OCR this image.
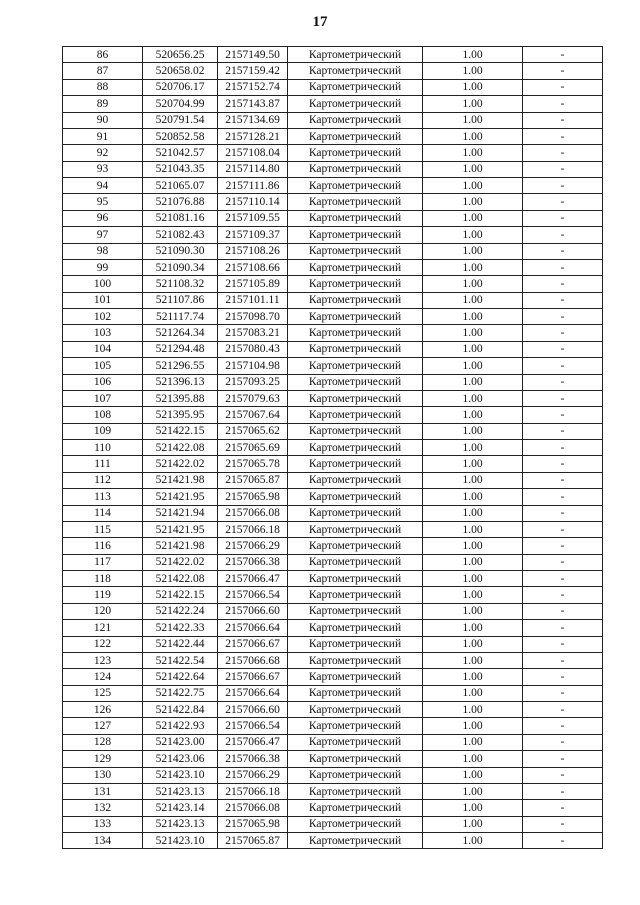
17
86	520656.25	2157149.50	Картометрический	1.00	-
87	520658.02	2157159.42	Картометрический	1.00	-
88	520706.17	2157152.74	Картометрический	1.00	-
89	520704.99	2157143.87	Картометрический	1.00	-
90	520791.54	2157134.69	Картометрический	1.00	-
91	520852.58	2157128.21	Картометрический	1.00	-
92	521042.57	2157108.04	Картометрический	1.00	-
93	521043.35	2157114.80	Картометрический	1.00	-
94	521065.07	2157111.86	Картометрический	1.00	-
95	521076.88	2157110.14	Картометрический	1.00	-
96	521081.16	2157109.55	Картометрический	1.00	-
97	521082.43	2157109.37	Картометрический	1.00	-
98	521090.30	2157108.26	Картометрический	1.00	-
99	521090.34	2157108.66	Картометрический	1.00	-
100	521108.32	2157105.89	Картометрический	1.00	-
101	521107.86	2157101.11	Картометрический	1.00	-
102	521117.74	2157098.70	Картометрический	1.00	-
103	521264.34	2157083.21	Картометрический	1.00	-
104	521294.48	2157080.43	Картометрический	1.00	-
105	521296.55	2157104.98	Картометрический	1.00	-
106	521396.13	2157093.25	Картометрический	1.00	-
107	521395.88	2157079.63	Картометрический	1.00	-
108	521395.95	2157067.64	Картометрический	1.00	-
109	521422.15	2157065.62	Картометрический	1.00	-
110	521422.08	2157065.69	Картометрический	1.00	-
111	521422.02	2157065.78	Картометрический	1.00	-
112	521421.98	2157065.87	Картометрический	1.00	-
113	521421.95	2157065.98	Картометрический	1.00	-
114	521421.94	2157066.08	Картометрический	1.00	-
115	521421.95	2157066.18	Картометрический	1.00	-
116	521421.98	2157066.29	Картометрический	1.00	-
117	521422.02	2157066.38	Картометрический	1.00	-
118	521422.08	2157066.47	Картометрический	1.00	-
119	521422.15	2157066.54	Картометрический	1.00	-
120	521422.24	2157066.60	Картометрический	1.00	-
121	521422.33	2157066.64	Картометрический	1.00	-
122	521422.44	2157066.67	Картометрический	1.00	-
123	521422.54	2157066.68	Картометрический	1.00	-
124	521422.64	2157066.67	Картометрический	1.00	-
125	521422.75	2157066.64	Картометрический	1.00	-
126	521422.84	2157066.60	Картометрический	1.00	-
127	521422.93	2157066.54	Картометрический	1.00	-
128	521423.00	2157066.47	Картометрический	1.00	-
129	521423.06	2157066.38	Картометрический	1.00	-
130	521423.10	2157066.29	Картометрический	1.00	-
131	521423.13	2157066.18	Картометрический	1.00	-
132	521423.14	2157066.08	Картометрический	1.00	-
133	521423.13	2157065.98	Картометрический	1.00	-
134	521423.10	2157065.87	Картометрический	1.00	-
